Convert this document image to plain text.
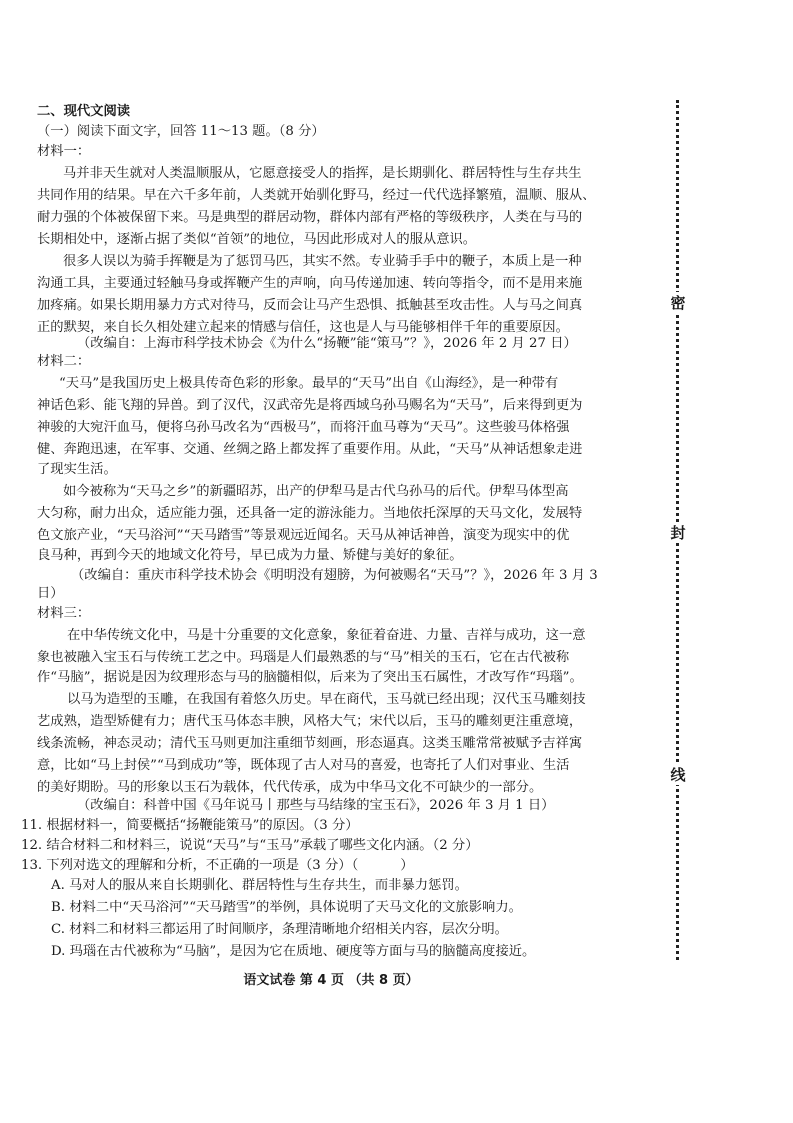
密
封
线
二、现代文阅读
（一）阅读下面文字，回答 11～13 题。（8 分）
材料一：
马并非天生就对人类温顺服从，它愿意接受人的指挥，是长期驯化、群居特性与生存共生
共同作用的结果。早在六千多年前，人类就开始驯化野马，经过一代代选择繁殖，温顺、服从、
耐力强的个体被保留下来。马是典型的群居动物，群体内部有严格的等级秩序，人类在与马的
长期相处中，逐渐占据了类似“首领”的地位，马因此形成对人的服从意识。
很多人误以为骑手挥鞭是为了惩罚马匹，其实不然。专业骑手手中的鞭子，本质上是一种
沟通工具，主要通过轻触马身或挥鞭产生的声响，向马传递加速、转向等指令，而不是用来施
加疼痛。如果长期用暴力方式对待马，反而会让马产生恐惧、抵触甚至攻击性。人与马之间真
正的默契，来自长久相处建立起来的情感与信任，这也是人与马能够相伴千年的重要原因。
（改编自：上海市科学技术协会《为什么“扬鞭”能“策马”？》，2026 年 2 月 27 日）
材料二：
“天马”是我国历史上极具传奇色彩的形象。最早的“天马”出自《山海经》，是一种带有
神话色彩、能飞翔的异兽。到了汉代，汉武帝先是将西域乌孙马赐名为“天马”，后来得到更为
神骏的大宛汗血马，便将乌孙马改名为“西极马”，而将汗血马尊为“天马”。这些骏马体格强
健、奔跑迅速，在军事、交通、丝绸之路上都发挥了重要作用。从此，“天马”从神话想象走进
了现实生活。
如今被称为“天马之乡”的新疆昭苏，出产的伊犁马是古代乌孙马的后代。伊犁马体型高
大匀称，耐力出众，适应能力强，还具备一定的游泳能力。当地依托深厚的天马文化，发展特
色文旅产业，“天马浴河”“天马踏雪”等景观远近闻名。天马从神话神兽，演变为现实中的优
良马种，再到今天的地域文化符号，早已成为力量、矫健与美好的象征。
（改编自：重庆市科学技术协会《明明没有翅膀，为何被赐名“天马”？》，2026 年 3 月 3
日）
材料三：
在中华传统文化中，马是十分重要的文化意象，象征着奋进、力量、吉祥与成功，这一意
象也被融入宝玉石与传统工艺之中。玛瑙是人们最熟悉的与“马”相关的玉石，它在古代被称
作“马脑”，据说是因为纹理形态与马的脑髓相似，后来为了突出玉石属性，才改写作“玛瑙”。
以马为造型的玉雕，在我国有着悠久历史。早在商代，玉马就已经出现；汉代玉马雕刻技
艺成熟，造型矫健有力；唐代玉马体态丰腴，风格大气；宋代以后，玉马的雕刻更注重意境，
线条流畅，神态灵动；清代玉马则更加注重细节刻画，形态逼真。这类玉雕常常被赋予吉祥寓
意，比如“马上封侯”“马到成功”等，既体现了古人对马的喜爱，也寄托了人们对事业、生活
的美好期盼。马的形象以玉石为载体，代代传承，成为中华马文化不可缺少的一部分。
（改编自：科普中国《马年说马丨那些与马结缘的宝玉石》，2026 年 3 月 1 日）
11. 根据材料一，简要概括“扬鞭能策马”的原因。（3 分）
12. 结合材料二和材料三，说说“天马”与“玉马”承载了哪些文化内涵。（2 分）
13. 下列对选文的理解和分析，不正确的一项是（3 分）（	）
A. 马对人的服从来自长期驯化、群居特性与生存共生，而非暴力惩罚。
B. 材料二中“天马浴河”“天马踏雪”的举例，具体说明了天马文化的文旅影响力。
C. 材料二和材料三都运用了时间顺序，条理清晰地介绍相关内容，层次分明。
D. 玛瑙在古代被称为“马脑”，是因为它在质地、硬度等方面与马的脑髓高度接近。
语文试卷 第 4 页 （共 8 页）
